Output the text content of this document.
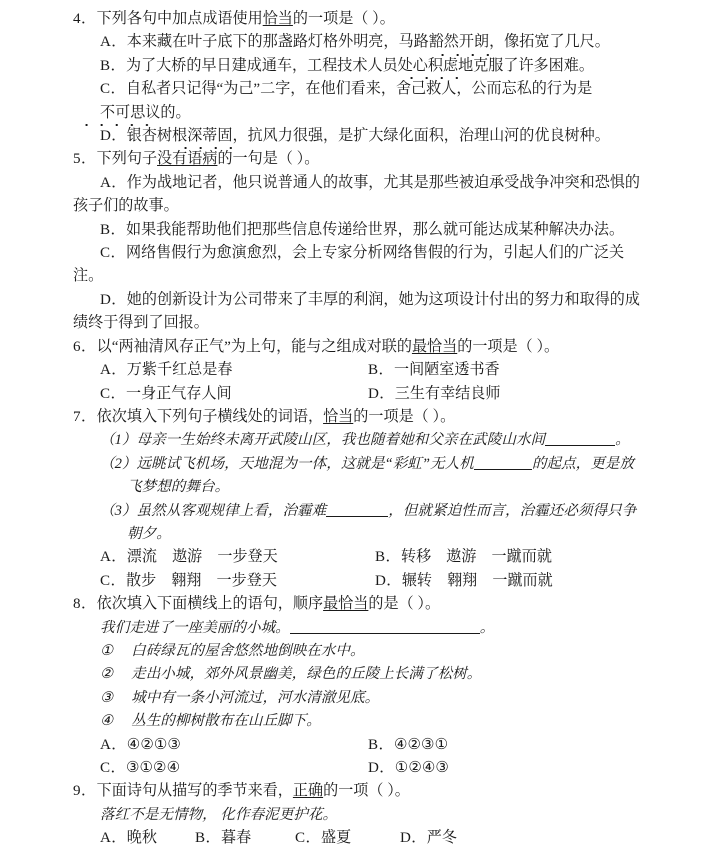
4．下列各句中加点成语使用恰当的一项是（ ）。

A．本来藏在叶子底下的那盏路灯格外明亮，马路豁然开朗，像拓宽了几尺。

B．为了大桥的早日建成通车，工程技术人员处心积虑地克服了许多困难。

C．自私者只记得“为己”二字，在他们看来，舍己救人，公而忘私的行为是不可思议的。

D．银杏树根深蒂固，抗风力很强，是扩大绿化面积，治理山河的优良树种。

5．下列句子没有语病的一句是（ ）。

A．作为战地记者，他只说普通人的故事，尤其是那些被迫承受战争冲突和恐惧的孩子们的故事。

B．如果我能帮助他们把那些信息传递给世界，那么就可能达成某种解决办法。

C．网络售假行为愈演愈烈，会上专家分析网络售假的行为，引起人们的广泛关注。

D．她的创新设计为公司带来了丰厚的利润，她为这项设计付出的努力和取得的成绩终于得到了回报。

6．以“两袖清风存正气”为上句，能与之组成对联的最恰当的一项是（ ）。

A．万紫千红总是春	B．一间陋室透书香
C．一身正气存人间	D．三生有幸结良师

7．依次填入下列句子横线处的词语，恰当的一项是（ ）。

（1）母亲一生始终未离开武陵山区，我也随着她和父亲在武陵山水间	。

（2）远眺试飞机场，天地混为一体，这就是“彩虹”无人机	的起点，更是放飞梦想的舞台。

（3）虽然从客观规律上看，治霾难	，但就紧迫性而言，治霾还必须得只争朝夕。

A．漂流　遨游　一步登天	B．转移　遨游　一蹴而就
C．散步　翱翔　一步登天	D．辗转　翱翔　一蹴而就

8．依次填入下面横线上的语句，顺序最恰当的是（ ）。

我们走进了一座美丽的小城。	。

① 白砖绿瓦的屋舍悠然地倒映在水中。

② 走出小城，郊外风景幽美，绿色的丘陵上长满了松树。

③ 城中有一条小河流过，河水清澈见底。

④ 丛生的柳树散布在山丘脚下。

A．④②①③	B．④②③①
C．③①②④	D．①②④③

9．下面诗句从描写的季节来看，正确的一项（ ）。

落红不是无情物， 化作春泥更护花。

A．晚秋	B．暮春	C．盛夏	D．严冬
